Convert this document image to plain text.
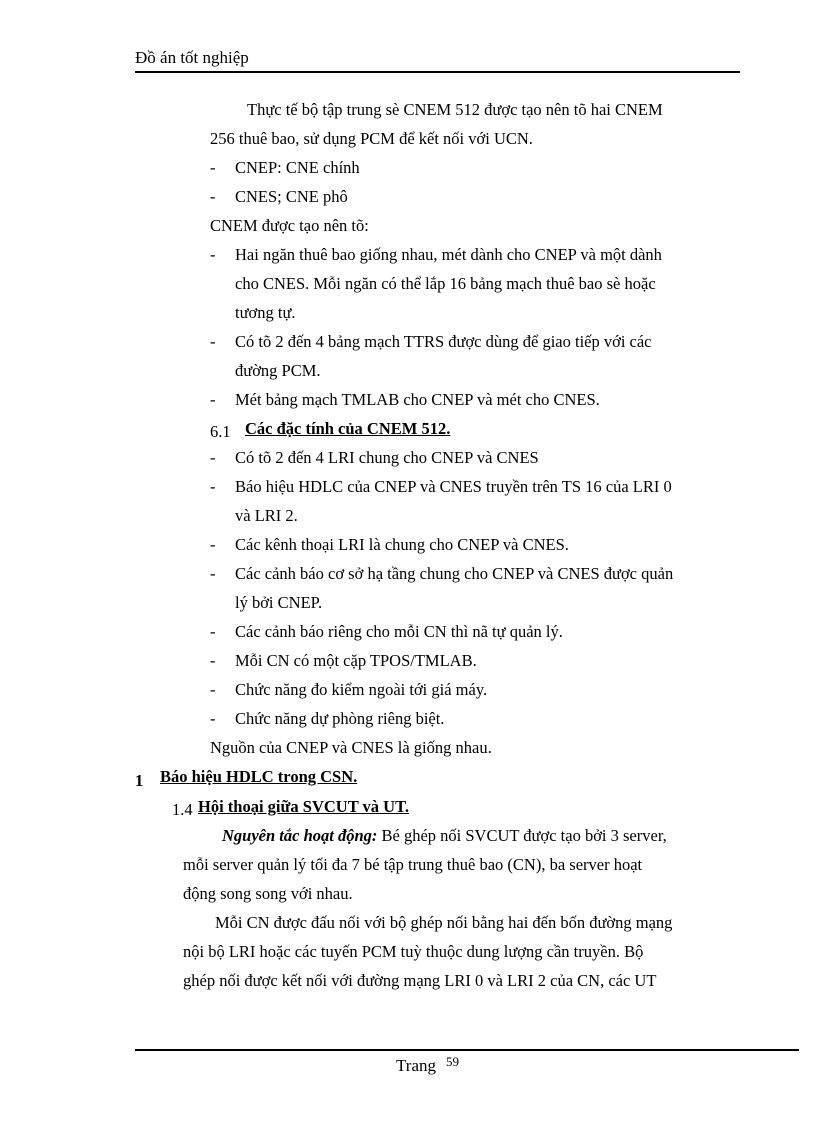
Đồ án tốt nghiệp
Thực tế bộ tập trung sè CNEM 512 được tạo nên tõ hai CNEM
256 thuê bao, sử dụng PCM để kết nối với UCN.
- CNEP: CNE chính
- CNES; CNE phô
CNEM được tạo nên tõ:
- Hai ngăn thuê bao giống nhau, mét dành cho CNEP và một dành
cho CNES. Mỗi ngăn có thể lắp 16 bảng mạch thuê bao sè hoặc
tương tự.
- Có tõ 2 đến 4 bảng mạch TTRS được dùng để giao tiếp với các
đường PCM.
- Mét bảng mạch TMLAB cho CNEP và mét cho CNES.
6.1 Các đặc tính của CNEM 512.
- Có tõ 2 đến 4 LRI chung cho CNEP và CNES
- Báo hiệu HDLC của CNEP và CNES truyền trên TS 16 của LRI 0
và LRI 2.
- Các kênh thoại LRI là chung cho CNEP và CNES.
- Các cảnh báo cơ sở hạ tầng chung cho CNEP và CNES được quản
lý bởi CNEP.
- Các cảnh báo riêng cho mỗi CN thì nã tự quản lý.
- Mỗi CN có một cặp TPOS/TMLAB.
- Chức năng đo kiểm ngoài tới giá máy.
- Chức năng dự phòng riêng biệt.
Nguồn của CNEP và CNES là giống nhau.
1 Báo hiệu HDLC trong CSN.
1.4 Hội thoại giữa SVCUT và UT.
Nguyên tắc hoạt động: Bé ghép nối SVCUT được tạo bởi 3 server,
mỗi server quản lý tối đa 7 bé tập trung thuê bao (CN), ba server hoạt
động song song với nhau.
Mỗi CN được đấu nối với bộ ghép nối bằng hai đến bốn đường mạng
nội bộ LRI hoặc các tuyến PCM tuỳ thuộc dung lượng cần truyền. Bộ
ghép nối được kết nối với đường mạng LRI 0 và LRI 2 của CN, các UT
Trang $^{59}$
